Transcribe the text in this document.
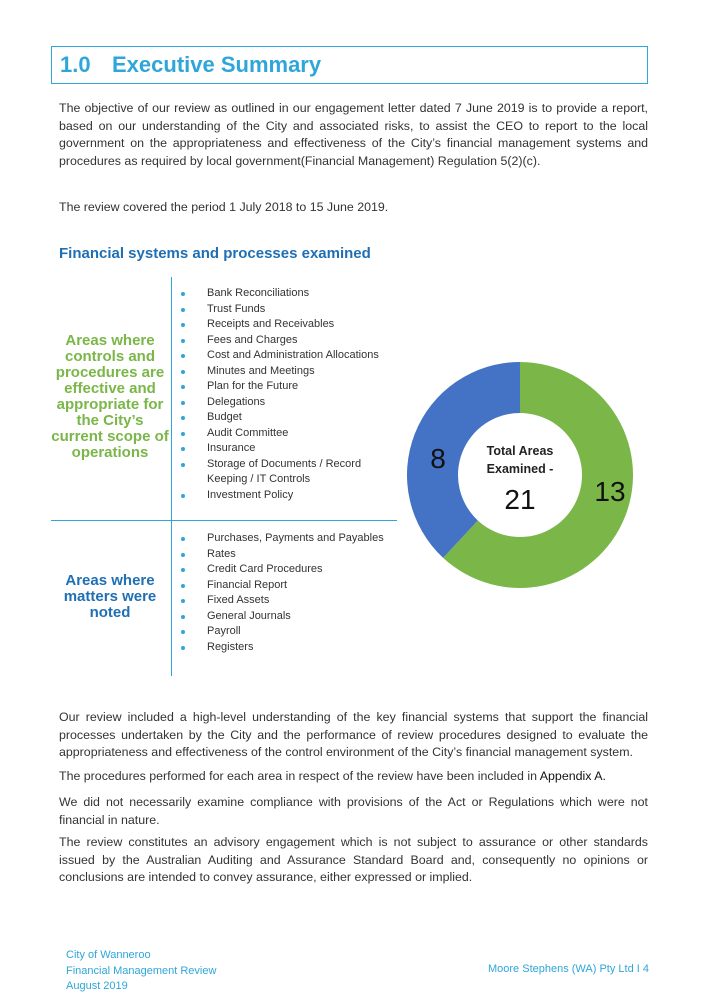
1.0 Executive Summary
The objective of our review as outlined in our engagement letter dated 7 June 2019 is to provide a report, based on our understanding of the City and associated risks, to assist the CEO to report to the local government on the appropriateness and effectiveness of the City’s financial management systems and procedures as required by local government(Financial Management) Regulation 5(2)(c).
The review covered the period 1 July 2018 to 15 June 2019.
Financial systems and processes examined
Areas where controls and procedures are effective and appropriate for the City’s current scope of operations
Areas where matters were noted
Bank Reconciliations
Trust Funds
Receipts and Receivables
Fees and Charges
Cost and Administration Allocations
Minutes and Meetings
Plan for the Future
Delegations
Budget
Audit Committee
Insurance
Storage of Documents / Record Keeping / IT Controls
Investment Policy
Purchases, Payments and Payables
Rates
Credit Card Procedures
Financial Report
Fixed Assets
General Journals
Payroll
Registers
Total Areas
Examined -
21 13
8
Our review included a high-level understanding of the key financial systems that support the financial processes undertaken by the City and the performance of review procedures designed to evaluate the appropriateness and effectiveness of the control environment of the City’s financial management system.
The procedures performed for each area in respect of the review have been included in Appendix A.
We did not necessarily examine compliance with provisions of the Act or Regulations which were not financial in nature.
The review constitutes an advisory engagement which is not subject to assurance or other standards issued by the Australian Auditing and Assurance Standard Board and, consequently no opinions or conclusions are intended to convey assurance, either expressed or implied.
City of Wanneroo
Financial Management Review
August 2019
Moore Stephens (WA) Pty Ltd I 4
